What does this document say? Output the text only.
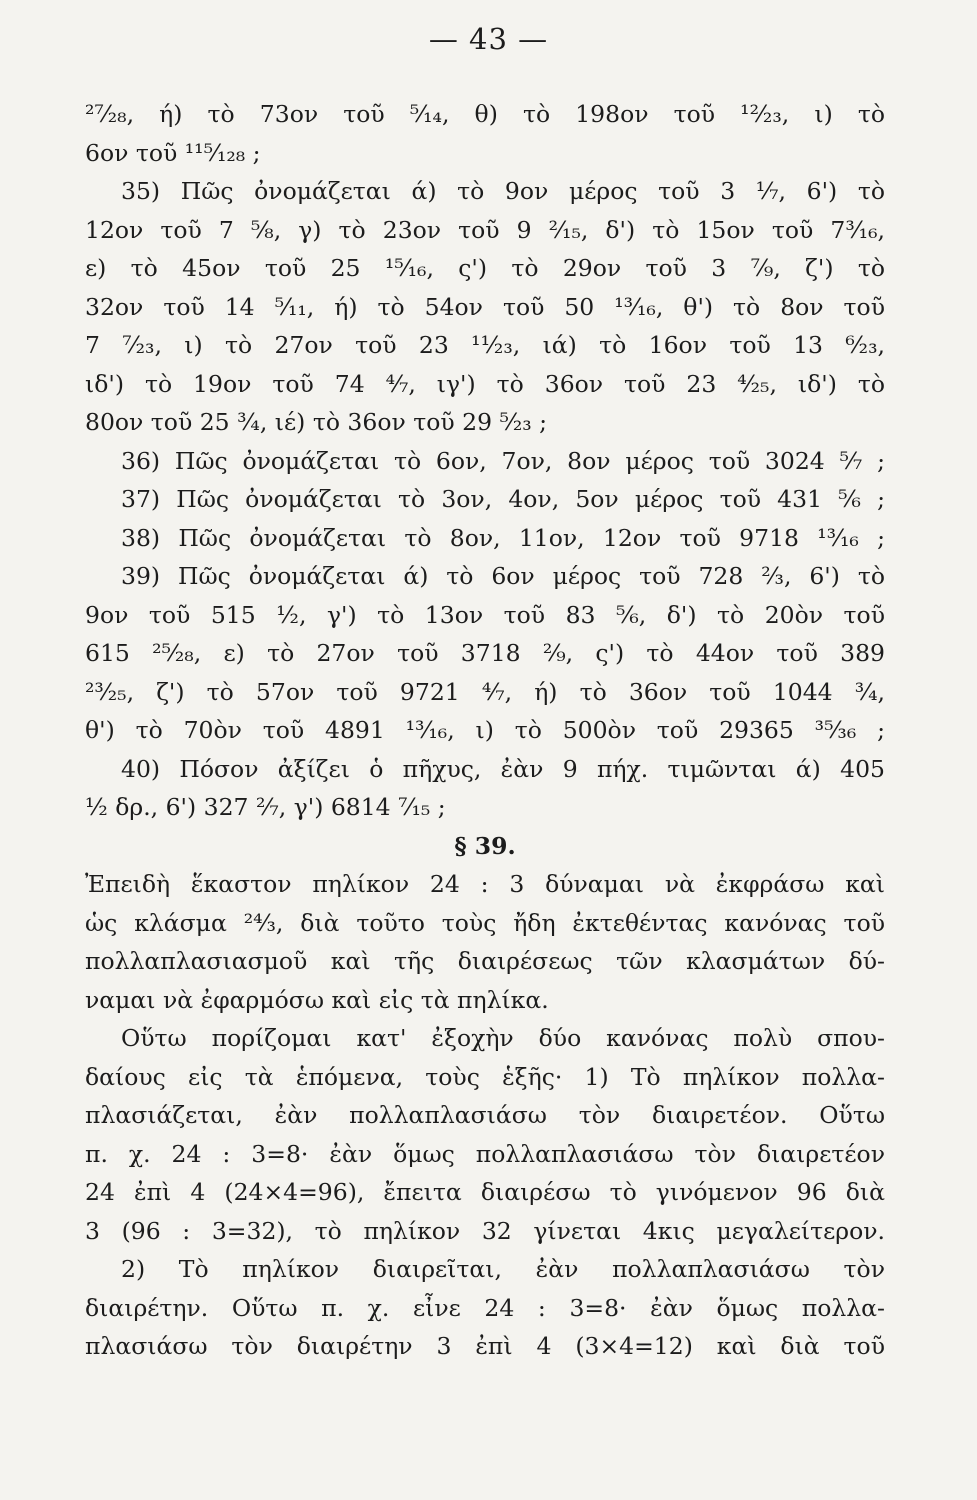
— 43 —
²⁷⁄₂₈, ή) τὸ 73ον τοῦ ⁵⁄₁₄, θ) τὸ 198ον τοῦ ¹²⁄₂₃, ι) τὸ
6ον τοῦ ¹¹⁵⁄₁₂₈ ;
35) Πῶς ὀνομάζεται ά) τὸ 9ον μέρος τοῦ 3 ¹⁄₇, 6') τὸ
12ον τοῦ 7 ⁵⁄₈, γ) τὸ 23ον τοῦ 9 ²⁄₁₅, δ') τὸ 15ον τοῦ 7³⁄₁₆,
ε) τὸ 45ον τοῦ 25 ¹⁵⁄₁₆, ς') τὸ 29ον τοῦ 3 ⁷⁄₉, ζ') τὸ
32ον τοῦ 14 ⁵⁄₁₁, ή) τὸ 54ον τοῦ 50 ¹³⁄₁₆, θ') τὸ 8ον τοῦ
7 ⁷⁄₂₃, ι) τὸ 27ον τοῦ 23 ¹¹⁄₂₃, ιά) τὸ 16ον τοῦ 13 ⁶⁄₂₃,
ιδ') τὸ 19ον τοῦ 74 ⁴⁄₇, ιγ') τὸ 36ον τοῦ 23 ⁴⁄₂₅, ιδ') τὸ
80ον τοῦ 25 ³⁄₄, ιέ) τὸ 36ον τοῦ 29 ⁵⁄₂₃ ;
36) Πῶς ὀνομάζεται τὸ 6ον, 7ον, 8ον μέρος τοῦ 3024 ⁵⁄₇ ;
37) Πῶς ὀνομάζεται τὸ 3ον, 4ον, 5ον μέρος τοῦ 431 ⁵⁄₆ ;
38) Πῶς ὀνομάζεται τὸ 8ον, 11ον, 12ον τοῦ 9718 ¹³⁄₁₆ ;
39) Πῶς ὀνομάζεται ά) τὸ 6ον μέρος τοῦ 728 ²⁄₃, 6') τὸ
9ον τοῦ 515 ¹⁄₂, γ') τὸ 13ον τοῦ 83 ⁵⁄₆, δ') τὸ 20ὸν τοῦ
615 ²⁵⁄₂₈, ε) τὸ 27ον τοῦ 3718 ²⁄₉, ς') τὸ 44ον τοῦ 389
²³⁄₂₅, ζ') τὸ 57ον τοῦ 9721 ⁴⁄₇, ή) τὸ 36ον τοῦ 1044 ³⁄₄,
θ') τὸ 70ὸν τοῦ 4891 ¹³⁄₁₆, ι) τὸ 500ὸν τοῦ 29365 ³⁵⁄₃₆ ;
40) Πόσον ἀξίζει ὁ πῆχυς, ἐὰν 9 πήχ. τιμῶνται ά) 405
¹⁄₂ δρ., 6') 327 ²⁄₇, γ') 6814 ⁷⁄₁₅ ;
§ 39.
Ἐπειδὴ ἕκαστον πηλίκον 24 : 3 δύναμαι νὰ ἐκφράσω καὶ
ὡς κλάσμα ²⁴⁄₃, διὰ τοῦτο τοὺς ἤδη ἐκτεθέντας κανόνας τοῦ
πολλαπλασιασμοῦ καὶ τῆς διαιρέσεως τῶν κλασμάτων δύ-
ναμαι νὰ ἐφαρμόσω καὶ εἰς τὰ πηλίκα.
Οὕτω πορίζομαι κατ' ἐξοχὴν δύο κανόνας πολὺ σπου-
δαίους εἰς τὰ ἑπόμενα, τοὺς ἑξῆς· 1) Τὸ πηλίκον πολλα-
πλασιάζεται, ἐὰν πολλαπλασιάσω τὸν διαιρετέον. Οὕτω
π. χ. 24 : 3=8· ἐὰν ὅμως πολλαπλασιάσω τὸν διαιρετέον
24 ἐπὶ 4 (24×4=96), ἔπειτα διαιρέσω τὸ γινόμενον 96 διὰ
3 (96 : 3=32), τὸ πηλίκον 32 γίνεται 4κις μεγαλείτερον.
2) Τὸ πηλίκον διαιρεῖται, ἐὰν πολλαπλασιάσω τὸν
διαιρέτην. Οὕτω π. χ. εἶνε 24 : 3=8· ἐὰν ὅμως πολλα-
πλασιάσω τὸν διαιρέτην 3 ἐπὶ 4 (3×4=12) καὶ διὰ τοῦ
